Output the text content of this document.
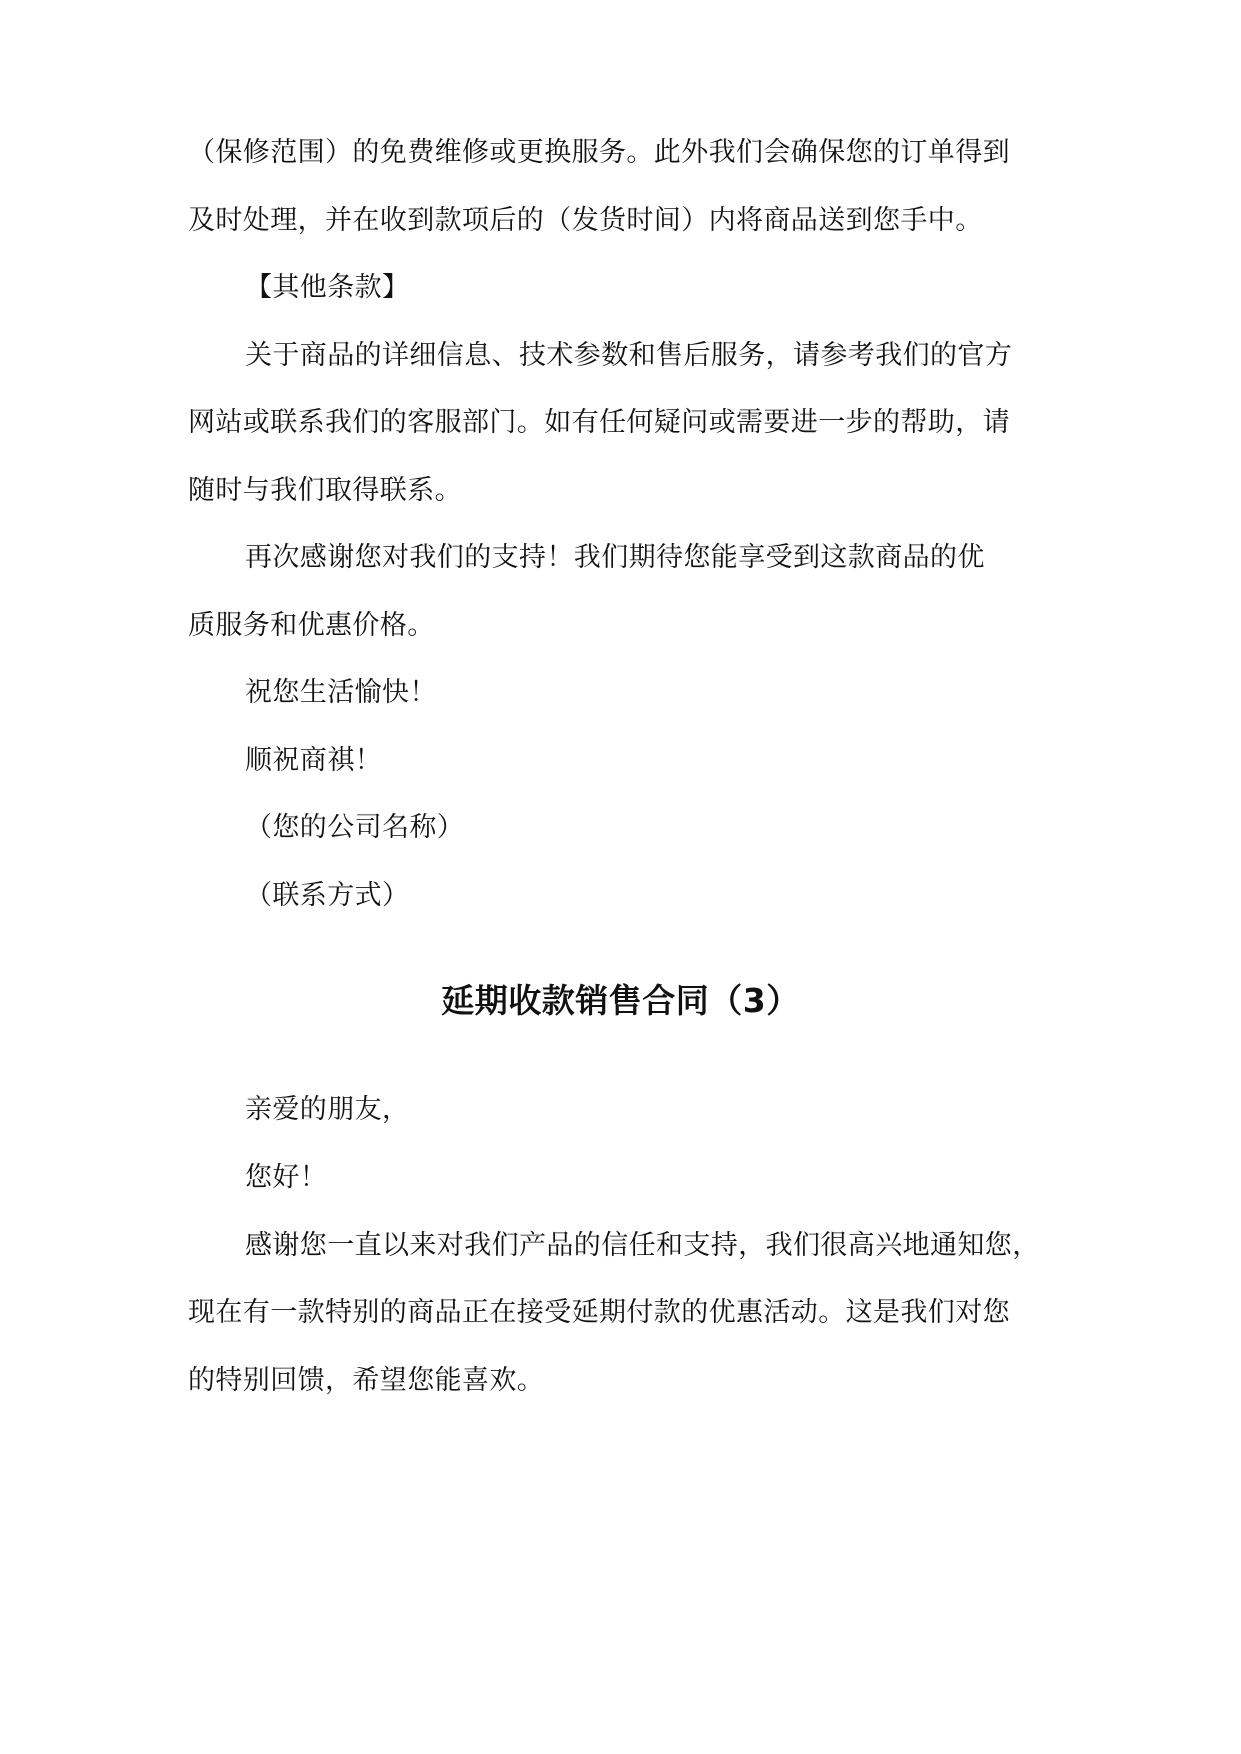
（保修范围）的免费维修或更换服务。此外我们会确保您的订单得到
及时处理，并在收到款项后的（发货时间）内将商品送到您手中。
【其他条款】
关于商品的详细信息、技术参数和售后服务，请参考我们的官方
网站或联系我们的客服部门。如有任何疑问或需要进一步的帮助，请
随时与我们取得联系。
再次感谢您对我们的支持！我们期待您能享受到这款商品的优
质服务和优惠价格。
祝您生活愉快！
顺祝商祺！
（您的公司名称）
（联系方式）
延期收款销售合同（3）
亲爱的朋友，
您好！
感谢您一直以来对我们产品的信任和支持，我们很高兴地通知您，
现在有一款特别的商品正在接受延期付款的优惠活动。这是我们对您
的特别回馈，希望您能喜欢。
